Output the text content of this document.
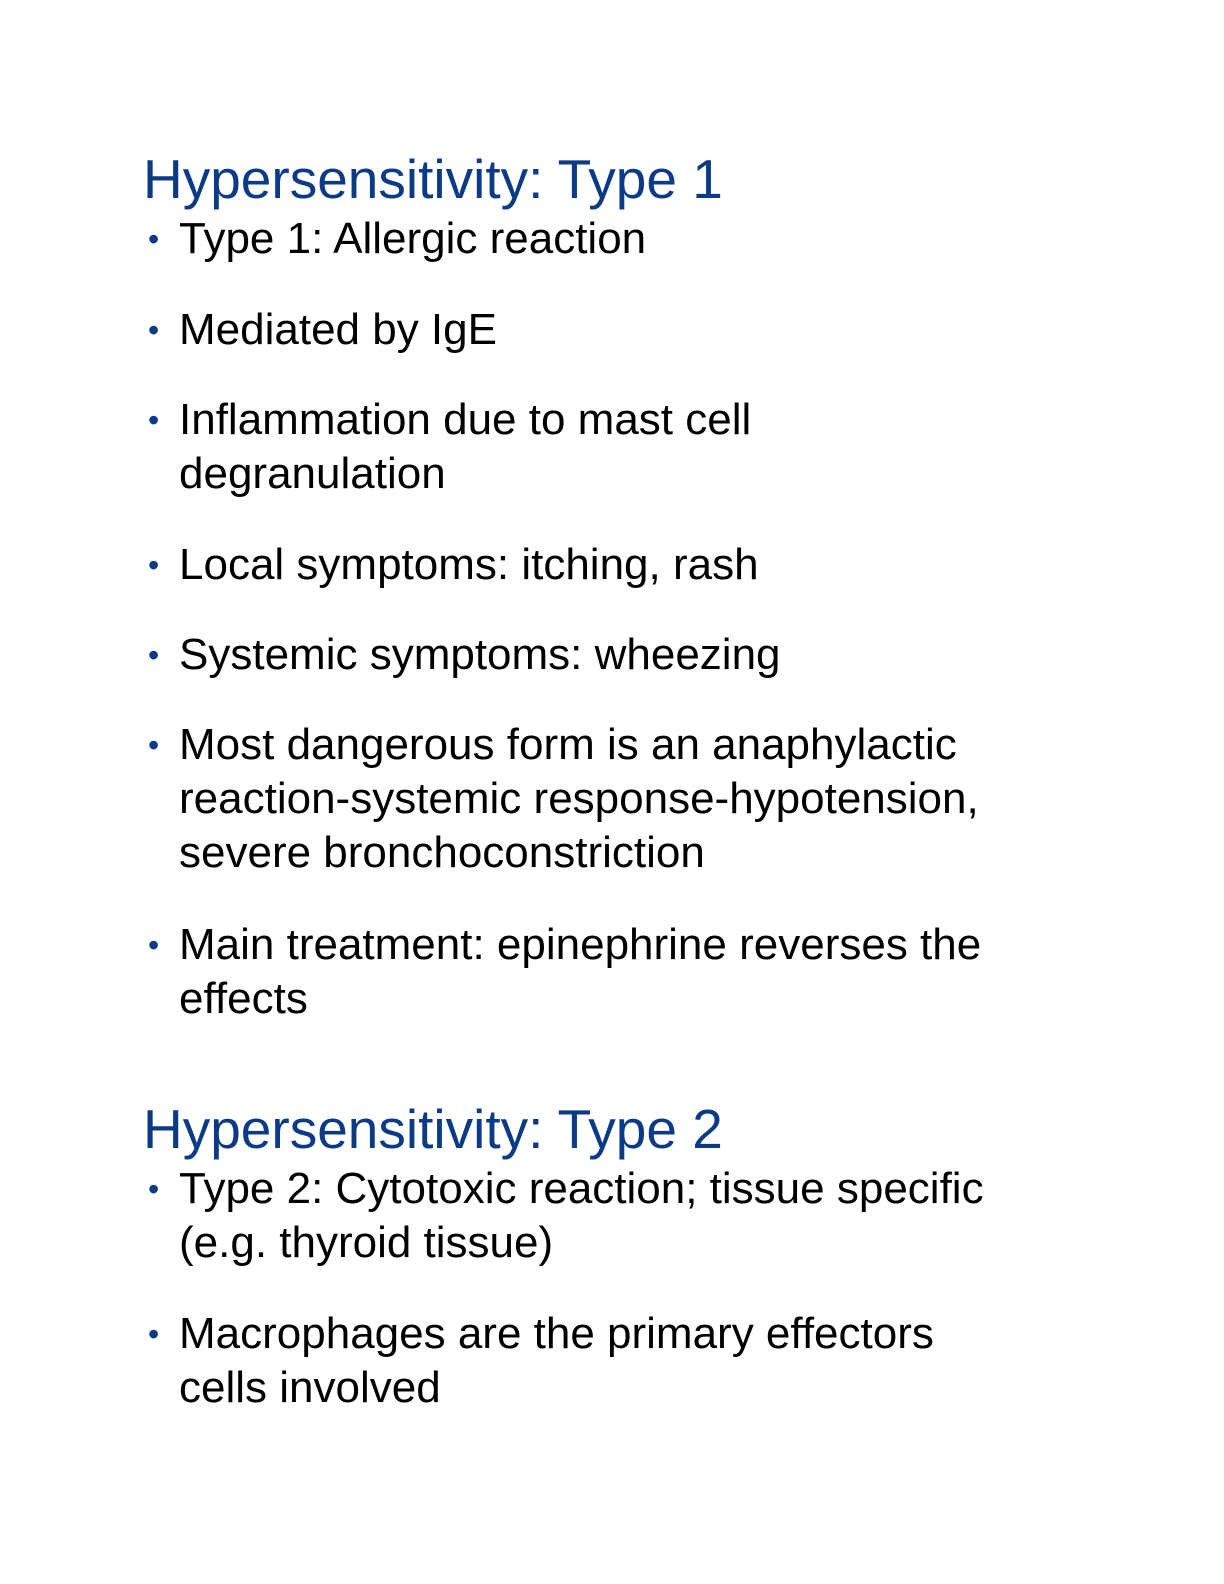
Hypersensitivity: Type 1
• Type 1: Allergic reaction
• Mediated by IgE
• Inflammation due to mast cell degranulation
• Local symptoms: itching, rash
• Systemic symptoms: wheezing
• Most dangerous form is an anaphylactic reaction-systemic response-hypotension, severe bronchoconstriction
• Main treatment: epinephrine reverses the effects
Hypersensitivity: Type 2
• Type 2: Cytotoxic reaction; tissue specific (e.g. thyroid tissue)
• Macrophages are the primary effectors cells involved
